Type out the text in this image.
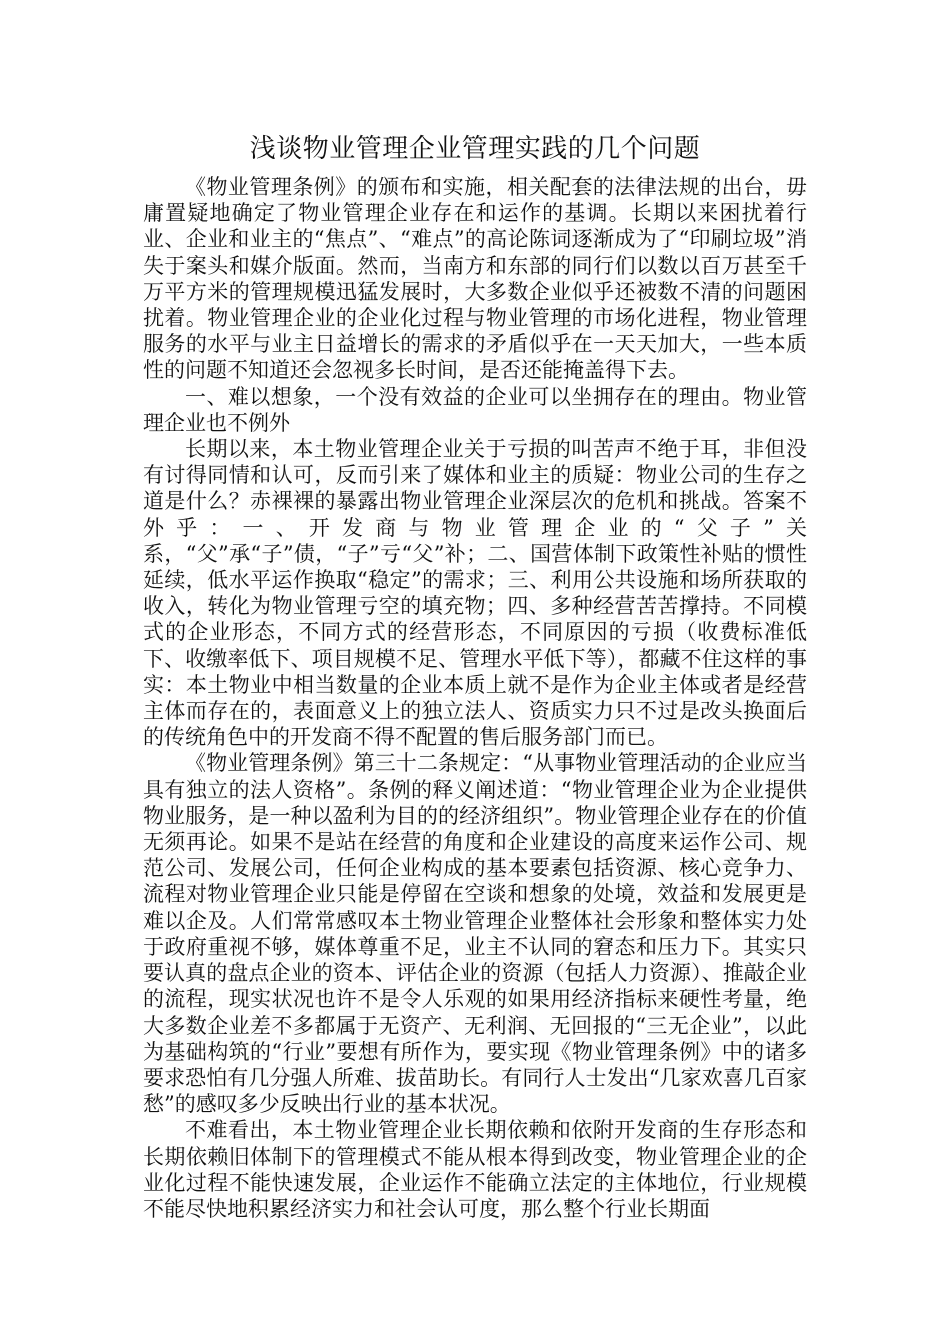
浅谈物业管理企业管理实践的几个问题

《物业管理条例》的颁布和实施，相关配套的法律法规的出台，毋庸置疑地确定了物业管理企业存在和运作的基调。长期以来困扰着行业、企业和业主的“焦点”、“难点”的高论陈词逐渐成为了“印刷垃圾”消失于案头和媒介版面。然而，当南方和东部的同行们以数以百万甚至千万平方米的管理规模迅猛发展时，大多数企业似乎还被数不清的问题困扰着。物业管理企业的企业化过程与物业管理的市场化进程，物业管理服务的水平与业主日益增长的需求的矛盾似乎在一天天加大，一些本质性的问题不知道还会忽视多长时间，是否还能掩盖得下去。

一、难以想象，一个没有效益的企业可以坐拥存在的理由。物业管理企业也不例外

长期以来，本土物业管理企业关于亏损的叫苦声不绝于耳，非但没有讨得同情和认可，反而引来了媒体和业主的质疑：物业公司的生存之道是什么？赤裸裸的暴露出物业管理企业深层次的危机和挑战。答案不外乎：一、开发商与物业管理企业的“父子”关系，“父”承“子”债，“子”亏“父”补；二、国营体制下政策性补贴的惯性延续，低水平运作换取“稳定”的需求；三、利用公共设施和场所获取的收入，转化为物业管理亏空的填充物；四、多种经营苦苦撑持。不同模式的企业形态，不同方式的经营形态，不同原因的亏损（收费标准低下、收缴率低下、项目规模不足、管理水平低下等），都藏不住这样的事实：本土物业中相当数量的企业本质上就不是作为企业主体或者是经营主体而存在的，表面意义上的独立法人、资质实力只不过是改头换面后的传统角色中的开发商不得不配置的售后服务部门而已。

《物业管理条例》第三十二条规定：“从事物业管理活动的企业应当具有独立的法人资格”。条例的释义阐述道：“物业管理企业为企业提供物业服务，是一种以盈利为目的的经济组织”。物业管理企业存在的价值无须再论。如果不是站在经营的角度和企业建设的高度来运作公司、规范公司、发展公司，任何企业构成的基本要素包括资源、核心竞争力、流程对物业管理企业只能是停留在空谈和想象的处境，效益和发展更是难以企及。人们常常感叹本土物业管理企业整体社会形象和整体实力处于政府重视不够，媒体尊重不足，业主不认同的窘态和压力下。其实只要认真的盘点企业的资本、评估企业的资源（包括人力资源）、推敲企业的流程，现实状况也许不是令人乐观的如果用经济指标来硬性考量，绝大多数企业差不多都属于无资产、无利润、无回报的“三无企业”，以此为基础构筑的“行业”要想有所作为，要实现《物业管理条例》中的诸多要求恐怕有几分强人所难、拔苗助长。有同行人士发出“几家欢喜几百家愁”的感叹多少反映出行业的基本状况。

不难看出，本土物业管理企业长期依赖和依附开发商的生存形态和长期依赖旧体制下的管理模式不能从根本得到改变，物业管理企业的企业化过程不能快速发展，企业运作不能确立法定的主体地位，行业规模不能尽快地积累经济实力和社会认可度，那么整个行业长期面
